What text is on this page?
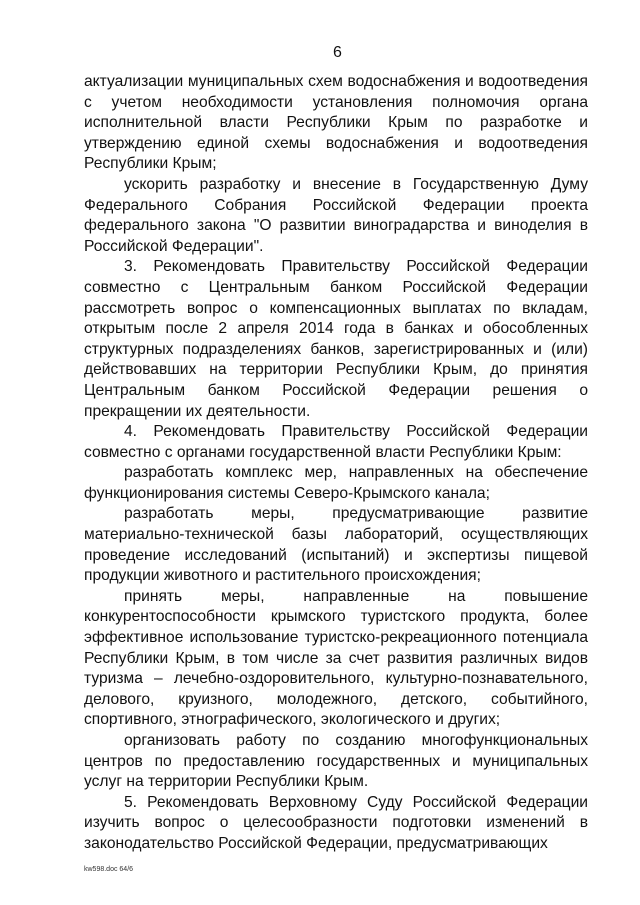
6

актуализации муниципальных схем водоснабжения и водоотведения с учетом необходимости установления полномочия органа исполнительной власти Республики Крым по разработке и утверждению единой схемы водоснабжения и водоотведения Республики Крым;

ускорить разработку и внесение в Государственную Думу Федерального Собрания Российской Федерации проекта федерального закона "О развитии виноградарства и виноделия в Российской Федерации".

3. Рекомендовать Правительству Российской Федерации совместно с Центральным банком Российской Федерации рассмотреть вопрос о компенсационных выплатах по вкладам, открытым после 2 апреля 2014 года в банках и обособленных структурных подразделениях банков, зарегистрированных и (или) действовавших на территории Республики Крым, до принятия Центральным банком Российской Федерации решения о прекращении их деятельности.

4. Рекомендовать Правительству Российской Федерации совместно с органами государственной власти Республики Крым:

разработать комплекс мер, направленных на обеспечение функционирования системы Северо-Крымского канала;

разработать меры, предусматривающие развитие материально-технической базы лабораторий, осуществляющих проведение исследований (испытаний) и экспертизы пищевой продукции животного и растительного происхождения;

принять меры, направленные на повышение конкурентоспособности крымского туристского продукта, более эффективное использование туристско-рекреационного потенциала Республики Крым, в том числе за счет развития различных видов туризма – лечебно-оздоровительного, культурно-познавательного, делового, круизного, молодежного, детского, событийного, спортивного, этнографического, экологического и других;

организовать работу по созданию многофункциональных центров по предоставлению государственных и муниципальных услуг на территории Республики Крым.

5. Рекомендовать Верховному Суду Российской Федерации изучить вопрос о целесообразности подготовки изменений в законодательство Российской Федерации, предусматривающих

kw598.doc 64/6
